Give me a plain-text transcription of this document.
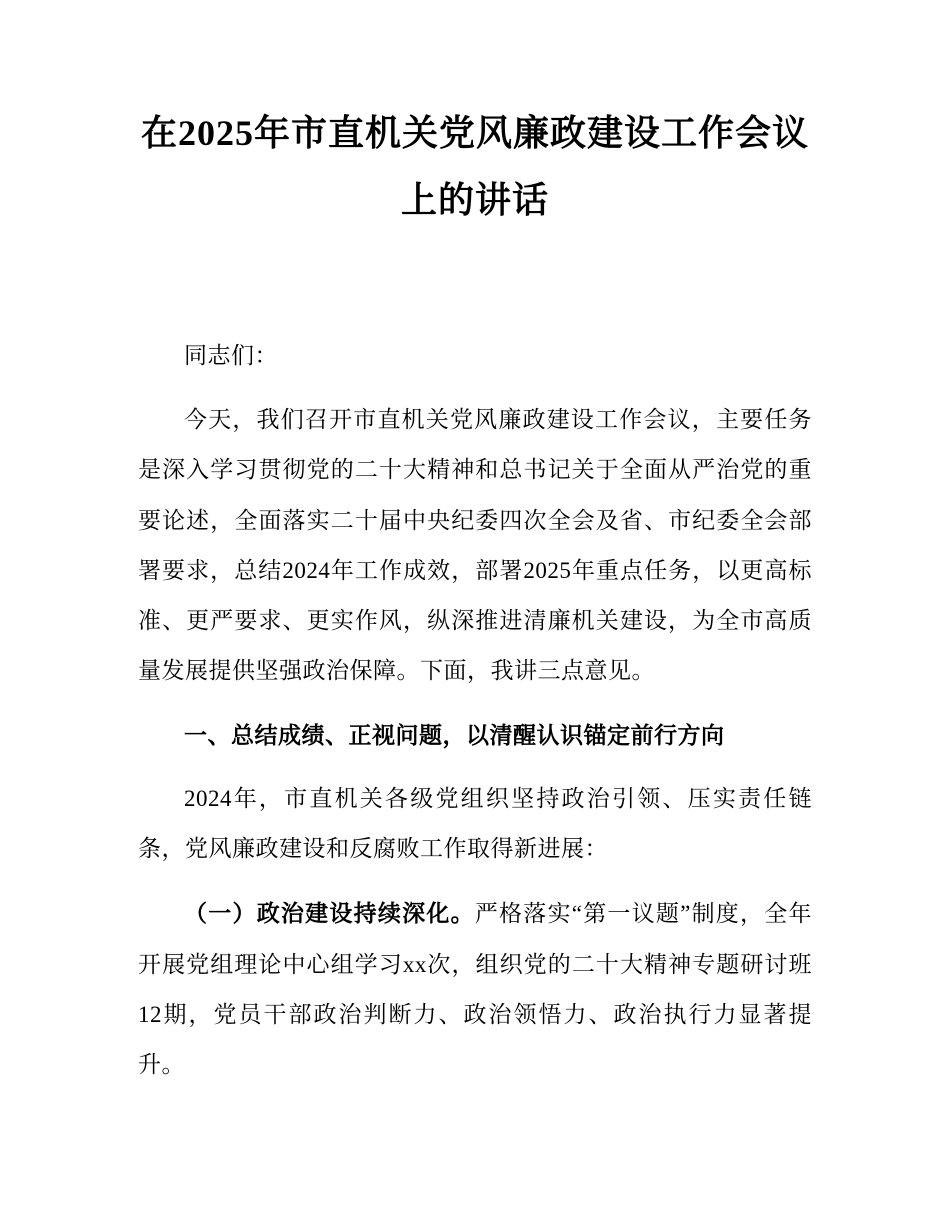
在2025年市直机关党风廉政建设工作会议上的讲话

同志们：

今天，我们召开市直机关党风廉政建设工作会议，主要任务是深入学习贯彻党的二十大精神和总书记关于全面从严治党的重要论述，全面落实二十届中央纪委四次全会及省、市纪委全会部署要求，总结2024年工作成效，部署2025年重点任务，以更高标准、更严要求、更实作风，纵深推进清廉机关建设，为全市高质量发展提供坚强政治保障。下面，我讲三点意见。

一、总结成绩、正视问题，以清醒认识锚定前行方向

2024年，市直机关各级党组织坚持政治引领、压实责任链条，党风廉政建设和反腐败工作取得新进展：

（一）政治建设持续深化。严格落实“第一议题”制度，全年开展党组理论中心组学习xx次，组织党的二十大精神专题研讨班12期，党员干部政治判断力、政治领悟力、政治执行力显著提升。
